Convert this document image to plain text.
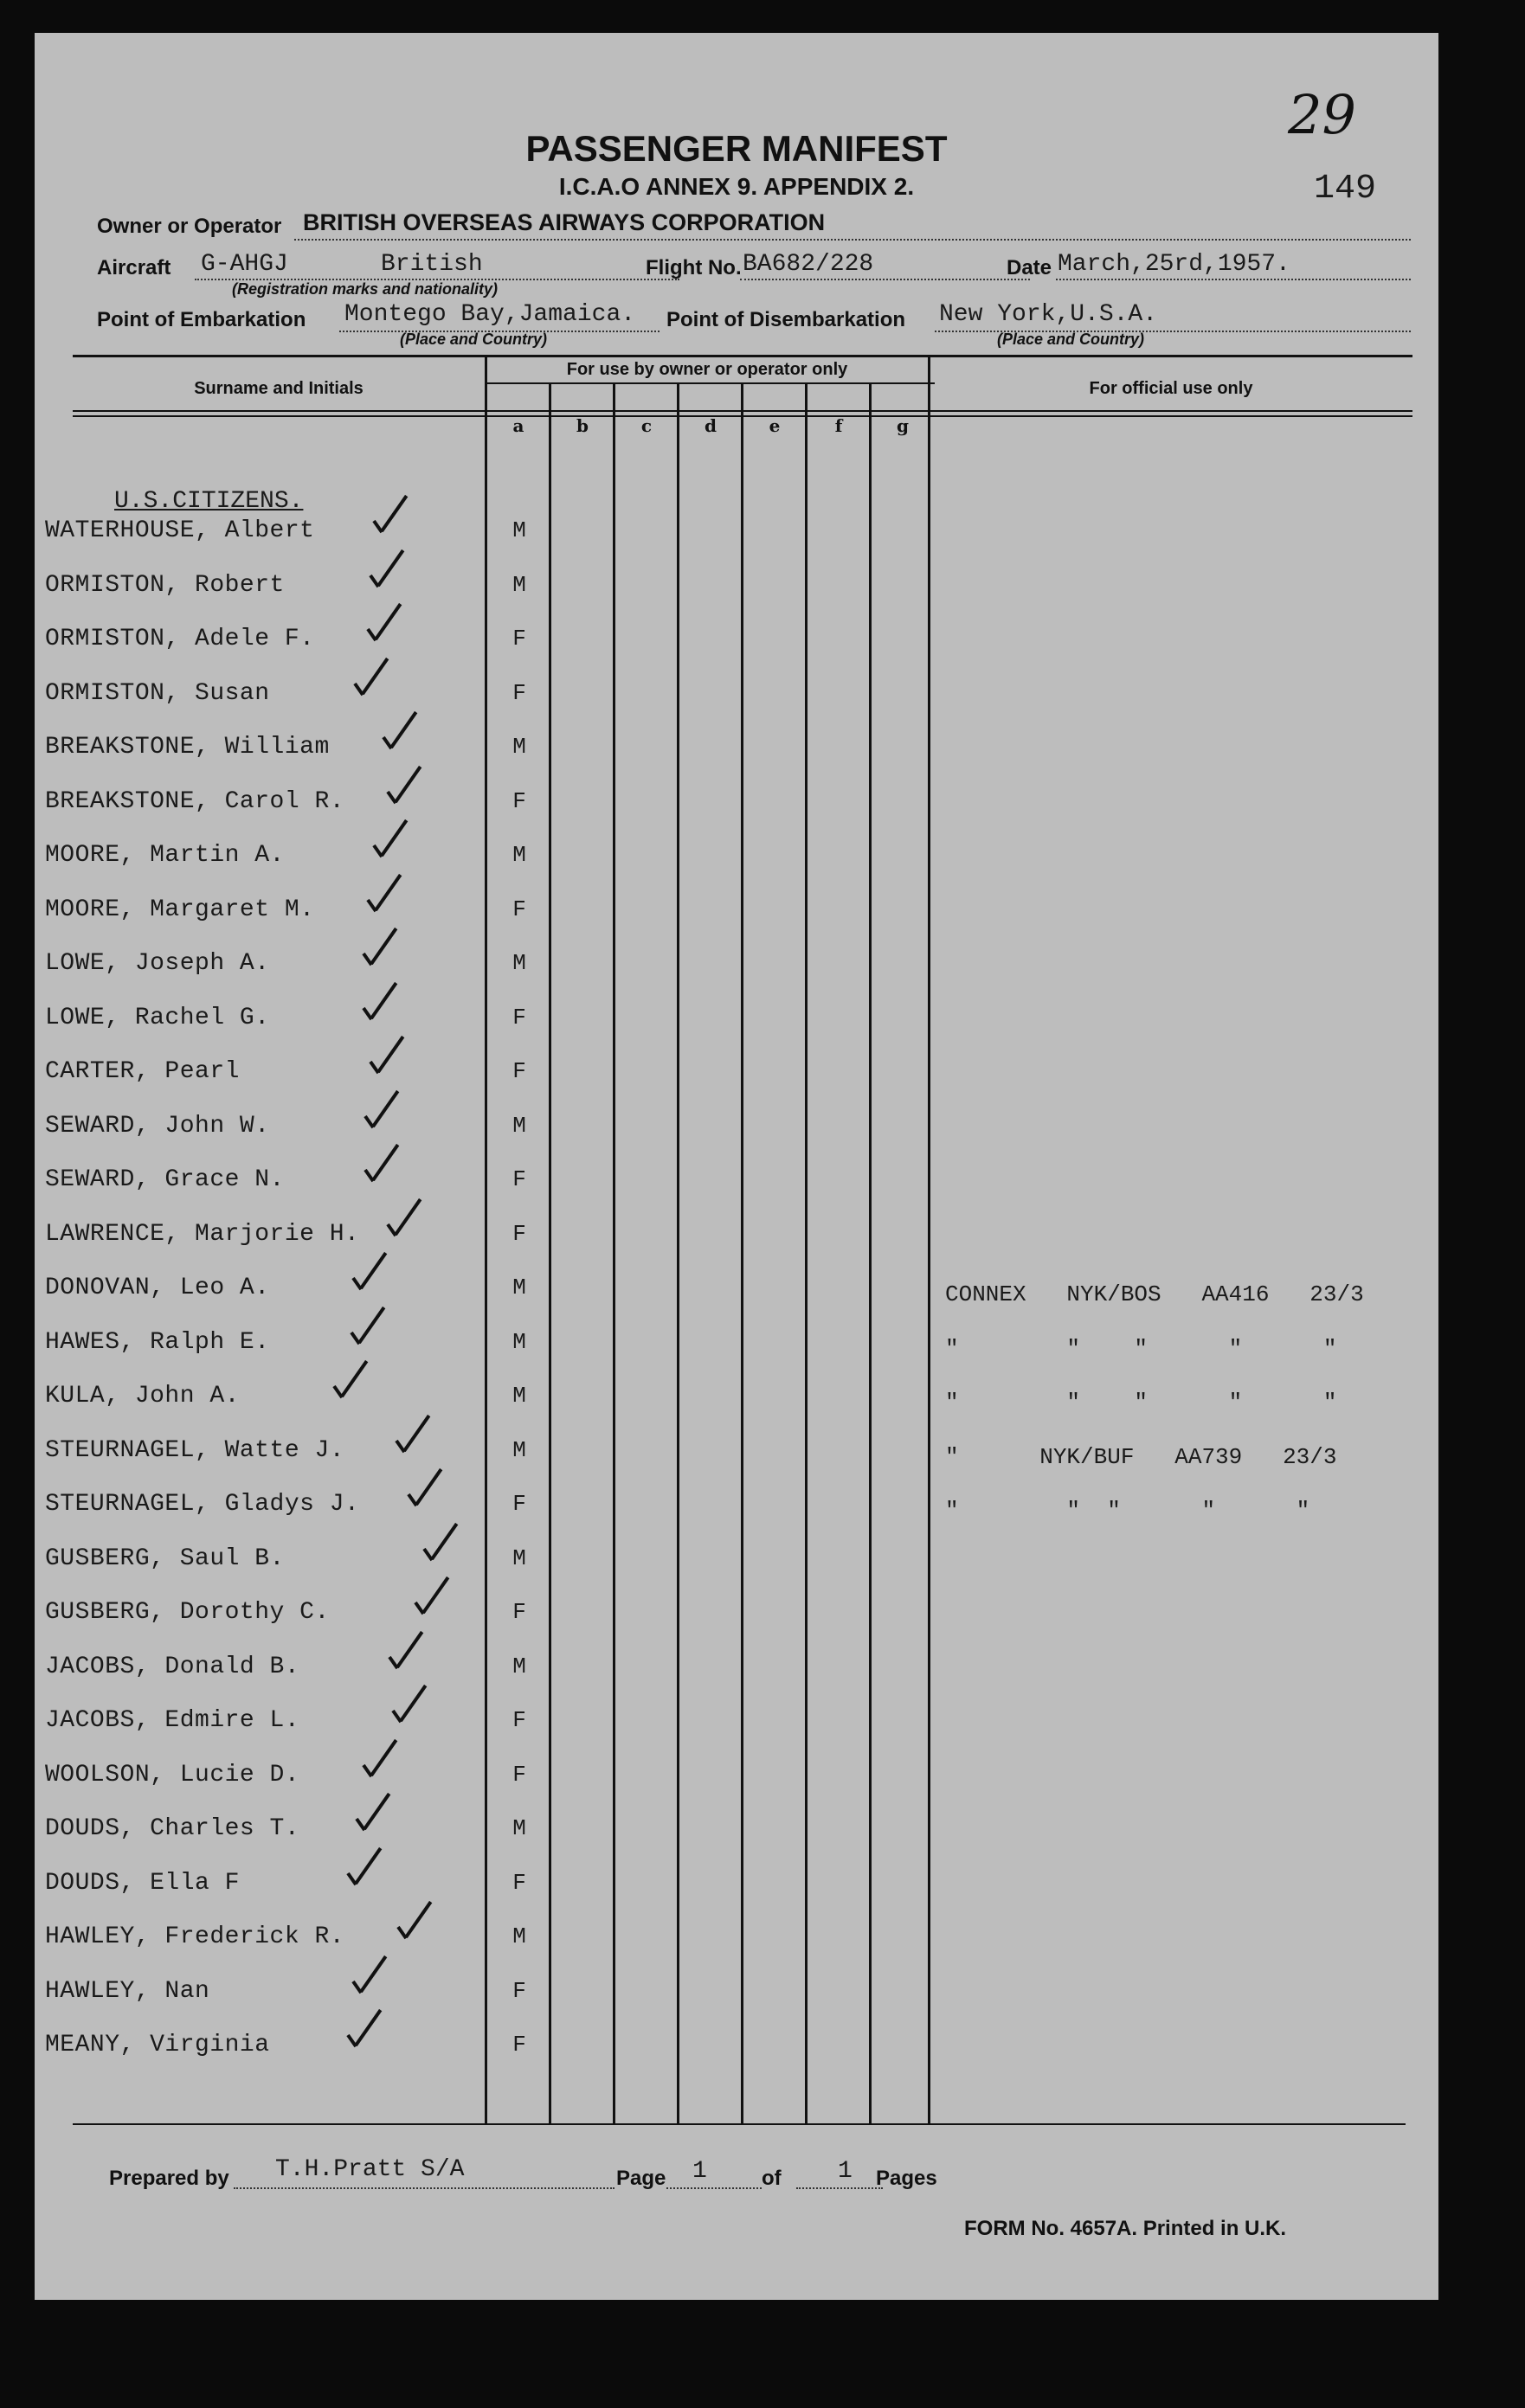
29
149
PASSENGER MANIFEST
I.C.A.O ANNEX 9. APPENDIX 2.
Owner or Operator BRITISH OVERSEAS AIRWAYS CORPORATION
Aircraft G-AHGJ	British
(Registration marks and nationality)
Flight No. BA682/228	Date March,25rd,1957.
Point of Embarkation Montego Bay,Jamaica.
(Place and Country)
Point of Disembarkation New York,U.S.A.
(Place and Country)
Surname and Initials
For use by owner or operator only
For official use only
a	b	c	d	e	f	g
U.S.CITIZENS.
WATERHOUSE, Albert	M
ORMISTON, Robert	M
ORMISTON, Adele F.	F
ORMISTON, Susan	F
BREAKSTONE, William	M
BREAKSTONE, Carol R.	F
MOORE, Martin A.	M
MOORE, Margaret M.	F
LOWE, Joseph A.	M
LOWE, Rachel G.	F
CARTER, Pearl	F
SEWARD, John W.	M
SEWARD, Grace N.	F
LAWRENCE, Marjorie H.	F
DONOVAN, Leo A.	M	CONNEX   NYK/BOS   AA416   23/3
HAWES, Ralph E.	M	"        "    "      "      "
KULA, John A.	M	"        "    "      "      "
STEURNAGEL, Watte J.	M	"      NYK/BUF   AA739   23/3
STEURNAGEL, Gladys J.	F	"        "  "      "      "
GUSBERG, Saul B.	M
GUSBERG, Dorothy C.	F
JACOBS, Donald B.	M
JACOBS, Edmire L.	F
WOOLSON, Lucie D.	F
DOUDS, Charles T.	M
DOUDS, Ella F	F
HAWLEY, Frederick R.	M
HAWLEY, Nan	F
MEANY, Virginia	F
Prepared by T.H.Pratt S/A	Page 1	of 1 Pages
FORM No. 4657A. Printed in U.K.
